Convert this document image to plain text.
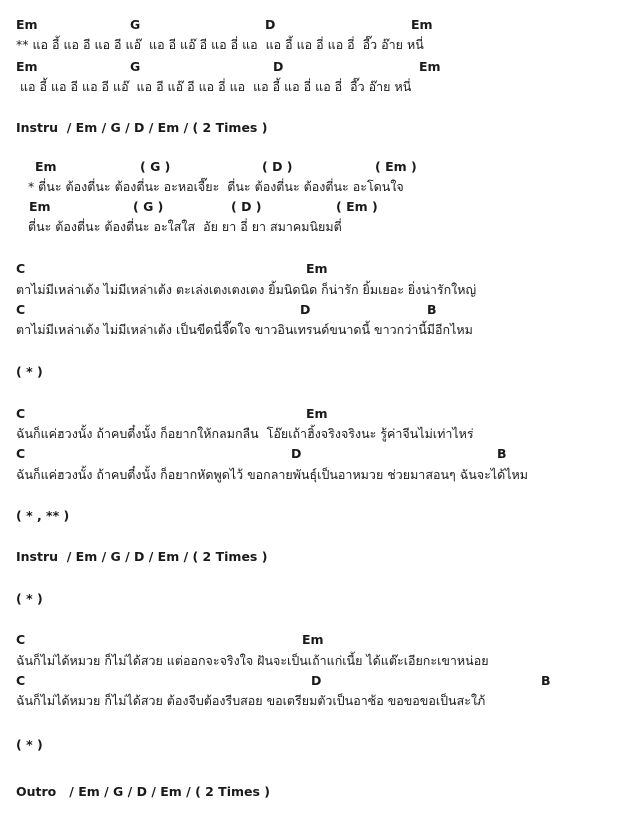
Em	G	D	Em
** แอ อี้ แอ อี แอ อี แอ๊  แอ อี แอ๊ อี แอ อี่ แอ  แอ อี้ แอ อี่ แอ อี่  อี๊ว อ๊าย หนี่
Em	G	D	Em
แอ อี้ แอ อี แอ อี แอ๊  แอ อี แอ๊ อี แอ อี่ แอ  แอ อี้ แอ อี่ แอ อี่  อี๊ว อ๊าย หนี่
Instru  / Em / G / D / Em / ( 2 Times )
Em	( G )	( D )	( Em )
* ตี่นะ ต้องตี่นะ ต้องตี่นะ อะหอเจี๊ยะ  ตี่นะ ต้องตี่นะ ต้องตี่นะ อะโดนใจ
Em	( G )	( D )	( Em )
ตี่นะ ต้องตี่นะ ต้องตี่นะ อะใสใส  อัย ยา อี่ ยา สมาคมนิยมตี่
C	Em
ตาไม่มีเหล่าเต้ง ไม่มีเหล่าเต้ง ตะเล่งเตงเตงเตง ยิ้มนิดนิด ก็น่ารัก ยิ้มเยอะ ยิ่งน่ารักใหญ่
C	D	B
ตาไม่มีเหล่าเต้ง ไม่มีเหล่าเต้ง เป็นขีดนี่จี๊ดใจ ขาวอินเทรนด์ขนาดนี้ ขาวกว่านี้มีอีกไหม
( * )
C	Em
ฉันก็แค่ฮวงนั้ง ถ้าคบตี๋งนั้ง ก็อยากให้กลมกลืน  โอ๊ยเถ้าฮิ้งจริงจริงนะ รู้ค่าจีนไม่เท่าไหร่
C	D	B
ฉันก็แค่ฮวงนั้ง ถ้าคบตี๋งนั้ง ก็อยากหัดพูดไว้ ขอกลายพันธุ์เป็นอาหมวย ช่วยมาสอนๆ ฉันจะได้ไหม
( * , ** )
Instru  / Em / G / D / Em / ( 2 Times )
( * )
C	Em
ฉันก็ไม่ได้หมวย ก็ไม่ได้สวย แต่ออกจะจริงใจ ฝันจะเป็นเถ้าแก่เนี้ย ได้แต๊ะเอียกะเขาหน่อย
C	D	B
ฉันก็ไม่ได้หมวย ก็ไม่ได้สวย ต้องจีบต้องรีบสอย ขอเตรียมตัวเป็นอาซ้อ ขอขอขอเป็นสะใภ้
( * )
Outro   / Em / G / D / Em / ( 2 Times )
